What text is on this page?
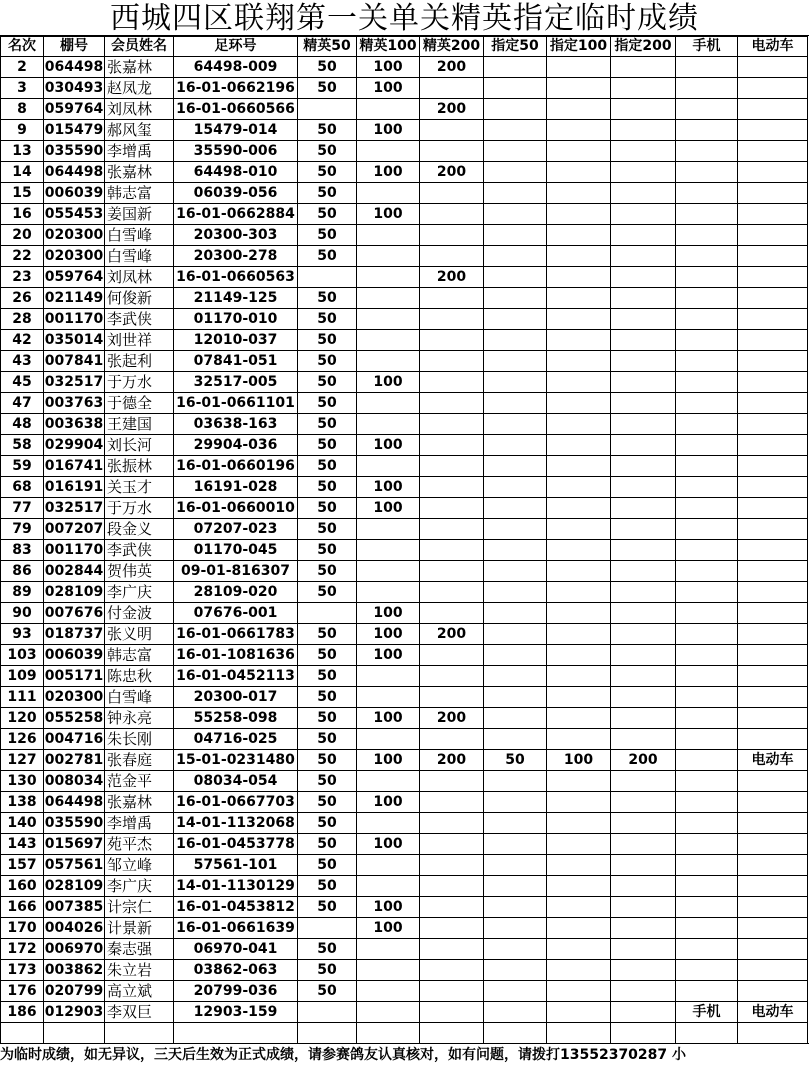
西城四区联翔第一关单关精英指定临时成绩
名次	棚号	会员姓名	足环号	精英50	精英100	精英200	指定50	指定100	指定200	手机	电动车
2	064498	张嘉林	64498-009	50	100	200					
3	030493	赵凤龙	16-01-0662196	50	100						
8	059764	刘凤林	16-01-0660566			200					
9	015479	郝风玺	15479-014	50	100						
13	035590	李增禹	35590-006	50							
14	064498	张嘉林	64498-010	50	100	200					
15	006039	韩志富	06039-056	50							
16	055453	姜国新	16-01-0662884	50	100						
20	020300	白雪峰	20300-303	50							
22	020300	白雪峰	20300-278	50							
23	059764	刘凤林	16-01-0660563			200					
26	021149	何俊新	21149-125	50							
28	001170	李武侠	01170-010	50							
42	035014	刘世祥	12010-037	50							
43	007841	张起利	07841-051	50							
45	032517	于万水	32517-005	50	100						
47	003763	于德全	16-01-0661101	50							
48	003638	王建国	03638-163	50							
58	029904	刘长河	29904-036	50	100						
59	016741	张振林	16-01-0660196	50							
68	016191	关玉才	16191-028	50	100						
77	032517	于万水	16-01-0660010	50	100						
79	007207	段金义	07207-023	50							
83	001170	李武侠	01170-045	50							
86	002844	贺伟英	09-01-816307	50							
89	028109	李广庆	28109-020	50							
90	007676	付金波	07676-001		100						
93	018737	张义明	16-01-0661783	50	100	200					
103	006039	韩志富	16-01-1081636	50	100						
109	005171	陈忠秋	16-01-0452113	50							
111	020300	白雪峰	20300-017	50							
120	055258	钟永亮	55258-098	50	100	200					
126	004716	朱长刚	04716-025	50							
127	002781	张春庭	15-01-0231480	50	100	200	50	100	200		电动车
130	008034	范金平	08034-054	50							
138	064498	张嘉林	16-01-0667703	50	100						
140	035590	李增禹	14-01-1132068	50							
143	015697	苑平杰	16-01-0453778	50	100						
157	057561	邹立峰	57561-101	50							
160	028109	李广庆	14-01-1130129	50							
166	007385	计宗仁	16-01-0453812	50	100						
170	004026	计景新	16-01-0661639		100						
172	006970	秦志强	06970-041	50							
173	003862	朱立岩	03862-063	50							
176	020799	高立斌	20799-036	50							
186	012903	李双巨	12903-159							手机	电动车

为临时成绩，如无异议，三天后生效为正式成绩，请参赛鸽友认真核对，如有问题，请拨打13552370287 小
